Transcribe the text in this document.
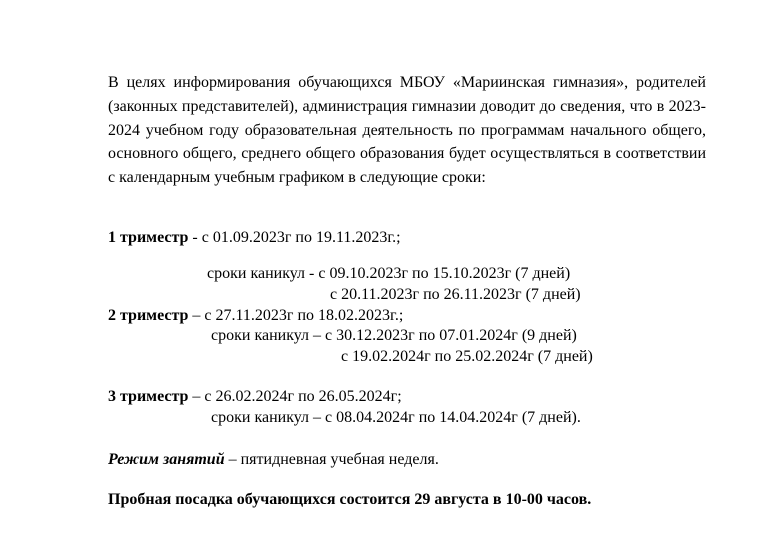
В целях информирования обучающихся МБОУ «Мариинская гимназия», родителей (законных представителей), администрация гимназии доводит до сведения, что в 2023-2024 учебном году образовательная деятельность по программам начального общего, основного общего, среднего общего образования будет осуществляться в соответствии с календарным учебным графиком в следующие сроки:
1 триместр - с 01.09.2023г по 19.11.2023г.;
сроки каникул - с 09.10.2023г по 15.10.2023г (7 дней)
с 20.11.2023г по 26.11.2023г (7 дней)
2 триместр – с 27.11.2023г по 18.02.2023г.;
сроки каникул – с 30.12.2023г по 07.01.2024г (9 дней)
с 19.02.2024г по 25.02.2024г (7 дней)
3 триместр – с 26.02.2024г по 26.05.2024г;
сроки каникул – с 08.04.2024г по 14.04.2024г (7 дней).
Режим занятий – пятидневная учебная неделя.
Пробная посадка обучающихся состоится 29 августа в 10-00 часов.
